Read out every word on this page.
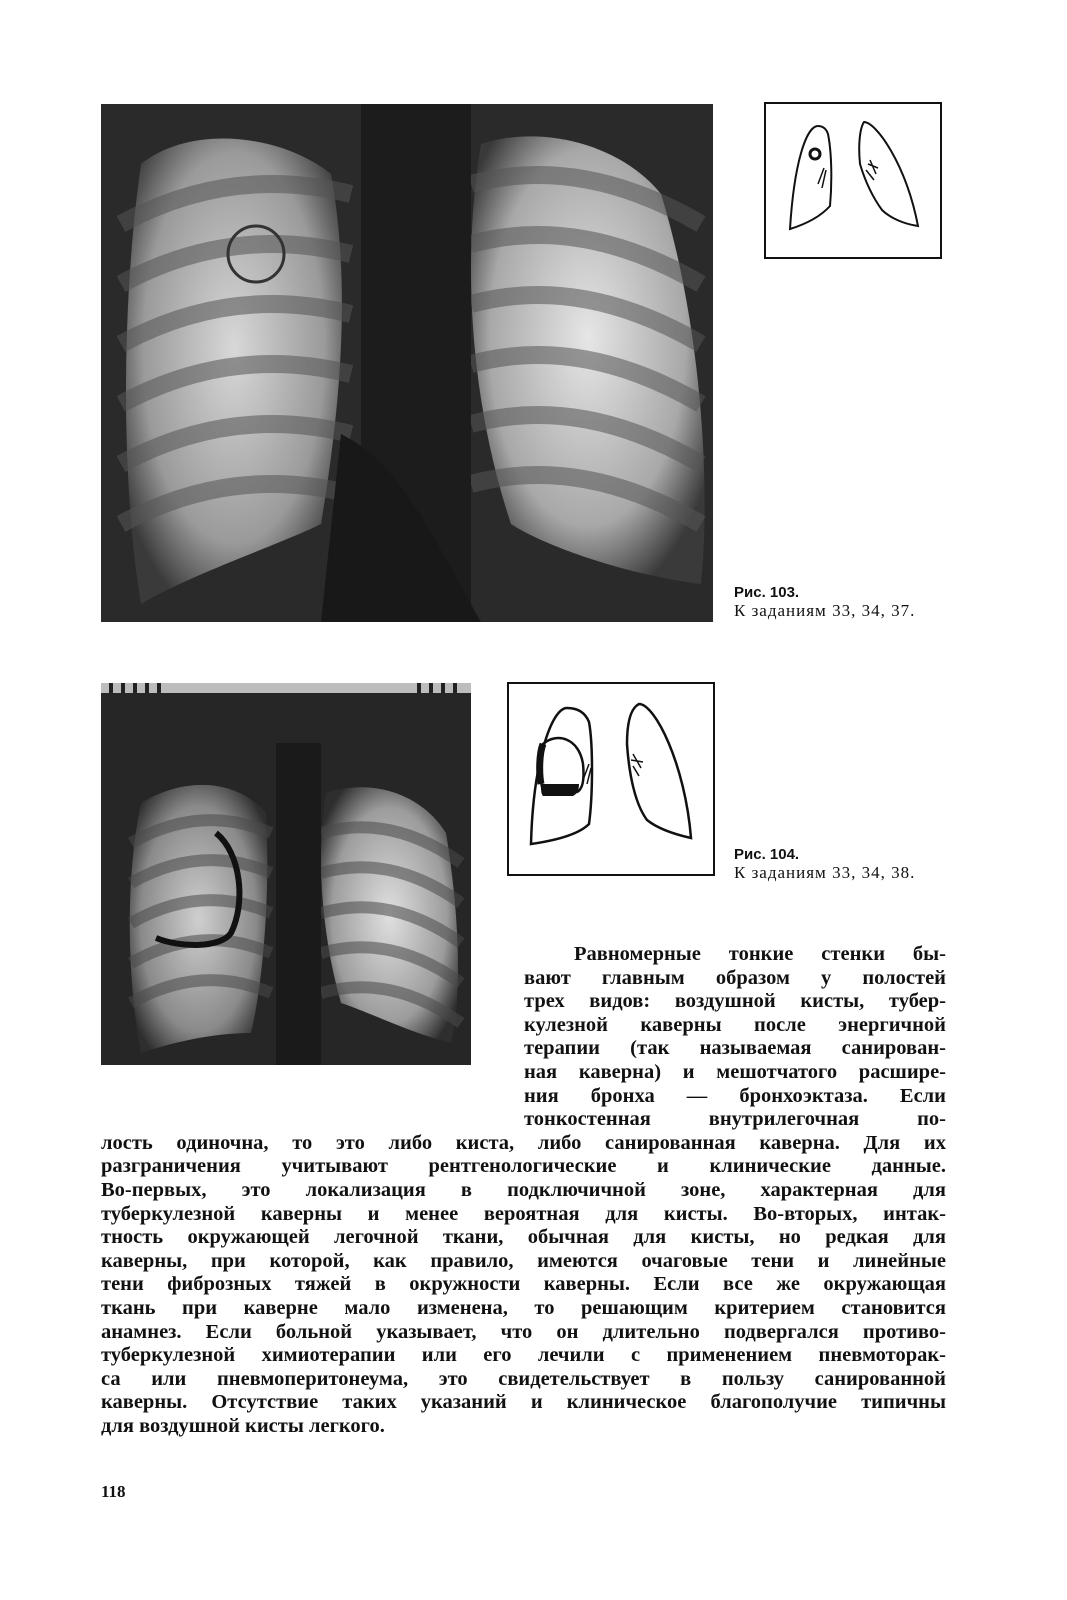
Рис. 103.
К заданиям 33, 34, 37.
Рис. 104.
К заданиям 33, 34, 38.
Равномерные тонкие стенки бы-
вают главным образом у полостей
трех видов: воздушной кисты, тубер-
кулезной каверны после энергичной
терапии (так называемая санирован-
ная каверна) и мешотчатого расшире-
ния бронха — бронхоэктаза. Если
тонкостенная внутрилегочная по-
лость одиночна, то это либо киста, либо санированная каверна. Для их
разграничения учитывают рентгенологические и клинические данные.
Во-первых, это локализация в подключичной зоне, характерная для
туберкулезной каверны и менее вероятная для кисты. Во-вторых, интак-
тность окружающей легочной ткани, обычная для кисты, но редкая для
каверны, при которой, как правило, имеются очаговые тени и линейные
тени фиброзных тяжей в окружности каверны. Если все же окружающая
ткань при каверне мало изменена, то решающим критерием становится
анамнез. Если больной указывает, что он длительно подвергался противо-
туберкулезной химиотерапии или его лечили с применением пневмоторак-
са или пневмоперитонеума, это свидетельствует в пользу санированной
каверны. Отсутствие таких указаний и клиническое благополучие типичны
для воздушной кисты легкого.
118
